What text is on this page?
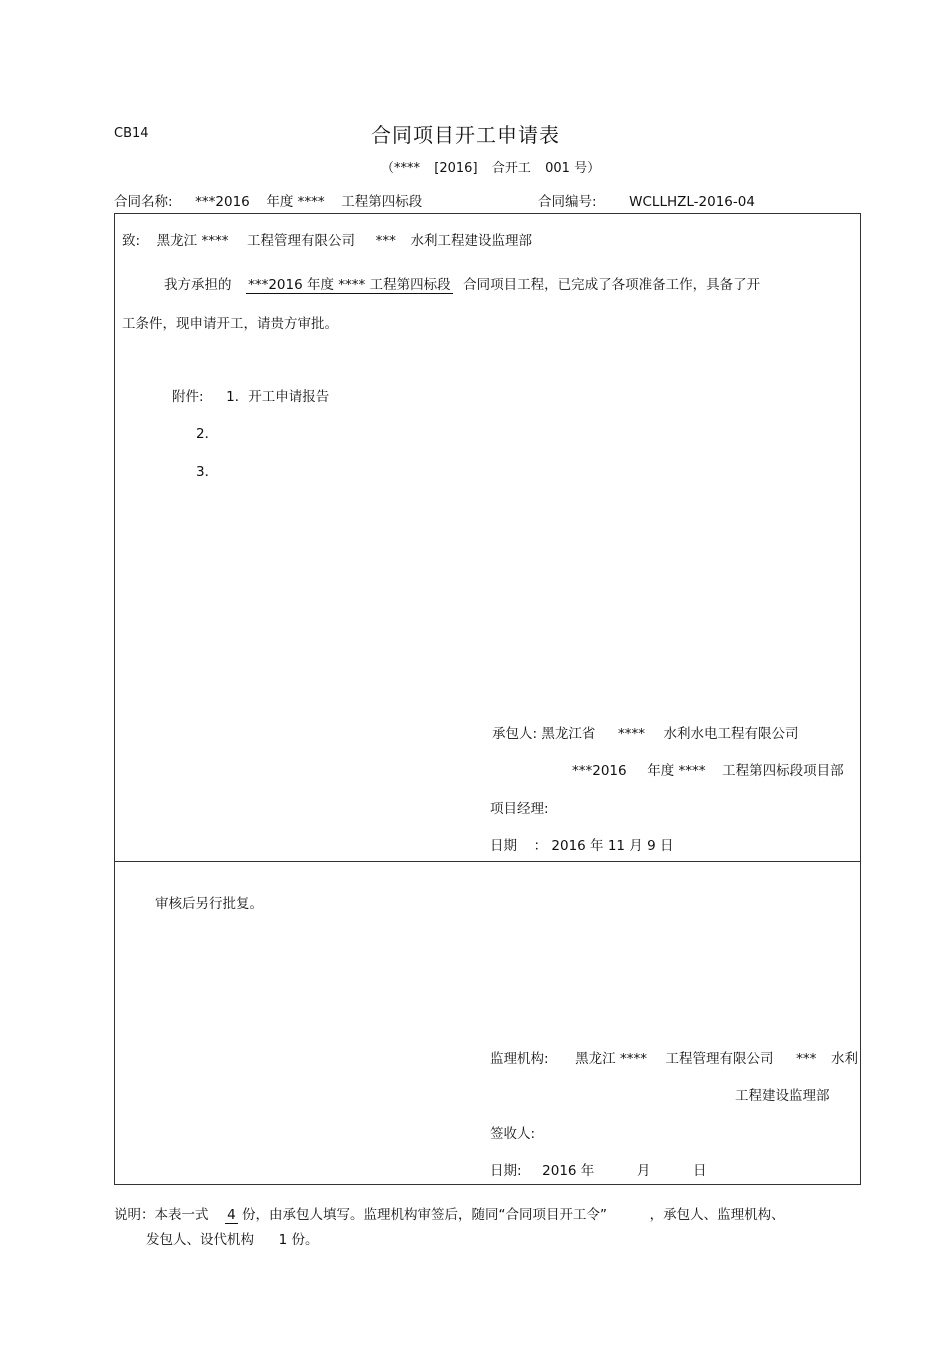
CB14	合同项目开工申请表
（**** [2016] 合开工 001 号）
合同名称: ***2016 年度 **** 工程第四标段	合同编号: WCLLHZL-2016-04
致: 黑龙江 **** 工程管理有限公司 *** 水利工程建设监理部
我方承担的 ***2016 年度 **** 工程第四标段 合同项目工程，已完成了各项准备工作，具备了开
工条件，现申请开工，请贵方审批。
附件: 1．开工申请报告
2．
3．
承包人: 黑龙江省 **** 水利水电工程有限公司
***2016 年度 **** 工程第四标段项目部
项目经理:
日期 ： 2016 年 11 月 9 日
审核后另行批复。
监理机构: 黑龙江 **** 工程管理有限公司 *** 水利
工程建设监理部
签收人:
日期: 2016 年	月	日
说明：本表一式 4 份，由承包人填写。监理机构审签后，随同“合同项目开工令”	，承包人、监理机构、
发包人、设代机构 1 份。
